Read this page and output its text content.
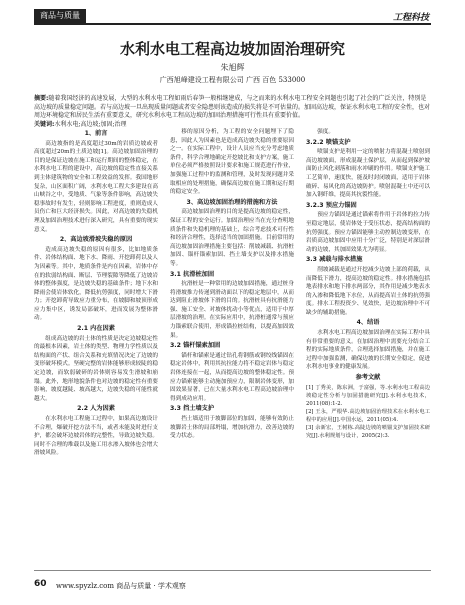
商品与质量	工程科技
水利水电工程高边坡加固治理研究
朱旭辉
广西旭峰建设工程有限公司 广西 百色 533000
摘要:随着我国经济的高速发展，大型的水利水电工程如雨后春笋一般相继建成，与之而来的水利水电工程安全问题也引起了社会的广泛关注，特别是高边坡的质量稳定问题。若与高边坡一旦出现质量问题或者安全隐患则该造成的损失将是不可估量的。加固高边坡，保证水利水电工程的安全性，也对周边环境稳定和居民生活有重要意义，研究水利水电工程高边坡的加固治理措施可行性具有重要价值。
关键词:水利水电;高边坡;加固;治理
1、前言

高边坡指的是高度超过30m的岩质边坡或者高度超过20m的土质边坡[1]。高边坡加固治理的目的是保证边坡在施工和运行期间的整体稳定，在水利水电工程的建设中，高边坡的稳定性直接关系到主体建筑物的安全和工程效益的发挥。我国地形复杂，山区面积广阔，水利水电工程大多建设在高山峡谷之中，受地质、气象等条件影响，高边坡失稳事故时有发生，轻则影响工程进度，重则造成人员伤亡和巨大经济损失。因此，对高边坡的失稳机理及加固治理技术进行深入研究，具有重要的现实意义。

2、高边坡滑坡失稳的原因

造成高边坡失稳的原因有很多，比如地质条件、岩体结构面、地下水、降雨、开挖卸荷以及人为因素等。其中，地质条件是内在因素，岩体中存在的软弱结构面、断层、节理裂隙等降低了边坡岩体的整体强度，是边坡失稳的基础条件；地下水和降雨会使岩体软化，降低抗剪强度，同时增大下滑力；开挖卸荷导致应力重分布，在坡脚和坡顶形成应力集中区，诱发局部破坏，进而发展为整体滑动。

2.1 内在因素

组成高边坡的岩土体的性质是决定边坡稳定性的最根本因素，岩土体的类型、物理力学性质以及结构面的产状、组合关系和充填情况决定了边坡的变形破坏模式。坚硬完整的岩体能够形成较陡的稳定边坡，而软弱破碎的岩体则容易发生滑坡和崩塌。此外，地形地貌条件也对边坡的稳定性有重要影响，坡度越陡、坡高越大，边坡失稳的可能性就越大。

2.2 人为因素

在水利水电工程施工过程中，如果高边坡设计不合理，爆破开挖方法不当，或者未能及时进行支护，都会破坏边坡岩体的完整性，导致边坡失稳。同时不合理的堆载以及施工用水渗入坡体也会增大滑坡风险。

移的原因分析，为工程的安全问题埋下了隐患，因此人为因素也是造成高边坡失稳的重要原因之一。在实际工程中，设计人员应当充分考虑地质条件，科学合理地确定开挖坡比和支护方案，施工单位必须严格按照设计要求和施工规范进行作业，加强施工过程中的监测和管理，及时发现问题并采取相应的处理措施，确保高边坡在施工期和运行期的稳定安全。

3、高边坡加固治理的措施和方法

高边坡加固治理的目的是提高边坡的稳定性，保证工程的安全运行。加固治理应当在充分查明地质条件和失稳机理的基础上，综合考虑技术可行性和经济合理性，选择适当的加固措施。目前常用的高边坡加固治理措施主要包括：削坡减载、抗滑桩加固、锚杆锚索加固、挡土墙支护以及排水措施等。

3.1 抗滑桩加固

抗滑桩是一种常用的边坡加固措施，通过桩身将滑坡推力传递到滑动面以下的稳定地层中，从而达到阻止滑坡体下滑的目的。抗滑桩具有抗滑能力强、施工安全、对坡体扰动小等优点，适用于中厚层滑坡的治理。在实际应用中，抗滑桩通常与预应力锚索联合使用，形成锚拉桩结构，以提高加固效果。

3.2 锚杆锚索加固

锚杆和锚索是通过钻孔将钢筋或钢绞线锚固在稳定岩体中，利用其抗拉能力将不稳定岩体与稳定岩体连接在一起，从而提高边坡的整体稳定性。预应力锚索能够主动施加预应力，限制岩体变形，加固效果显著，已在大量水利水电工程高边坡治理中得到成功应用。

3.3 挡土墙支护

挡土墙适用于坡脚部位的加固，能够有效防止坡脚岩土体的局部坍塌，增加抗滑力，改善边坡的受力状态。

强度。

3.2.2 喷锚支护

喷锚支护是利用一定的喷射力将混凝土喷射到高边坡坡面，形成混凝土保护层，从而起到保护坡面防止风化剥落和雨水冲刷的作用。喷锚支护施工工艺简单，速度快，能及时封闭坡面，适用于岩体破碎、易风化的高边坡防护。喷射混凝土中还可以加入钢纤维，提高其抗裂性能。

3.2.3 预应力锚固

预应力锚固是通过锚索将作用于岩体的拉力传至稳定地层，使岩体处于受压状态，提高结构面的抗剪强度。预应力锚固能够主动控制边坡变形，在岩质高边坡加固中应用十分广泛，特别是对深层滑动的边坡，其加固效果尤为明显。

3.3 减载与排水措施

削坡减载是通过开挖减少边坡上部的荷载，从而降低下滑力，提高边坡的稳定性。排水措施包括地表排水和地下排水两部分，其作用是减少地表水的入渗和降低地下水位，从而提高岩土体的抗剪强度。排水工程投资少、见效快，是边坡治理中不可缺少的辅助措施。

4、结语

水利水电工程高边坡加固治理在实际工程中具有非常重要的意义。在加固治理中需要充分结合工程的实际地质条件，合理选择加固措施，并在施工过程中加强监测，确保边坡的长期安全稳定，促进水利水电事业的健康发展。

参考文献

[1] 丁秀美，陈东洲，于富强，等.水利水电工程高边坡稳定性分析与加固措施研究[J].水利水电技术，2011(08):1-2.

[2] 王永，严根华.高边坡加固治理技术在水利水电工程中的应用[J].中国水运，2011(05):4.

[3] 余新宏，王树栋.高陡边坡的喷锚支护加固技术研究[J].水利规划与设计，2005(2):3.

60 www.spyzlz.com 商品与质量 · 学术观察
